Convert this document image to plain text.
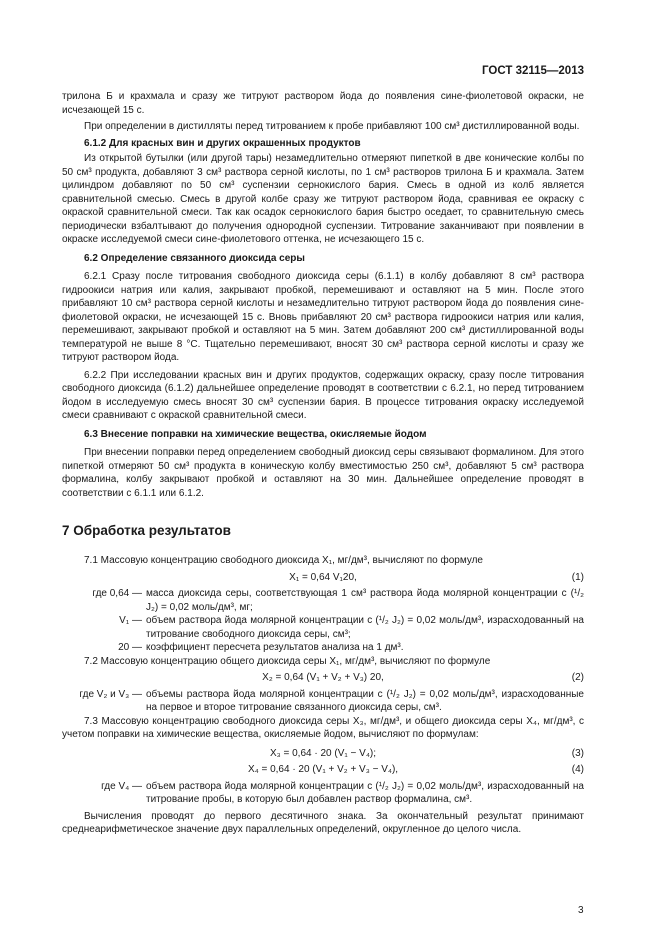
ГОСТ 32115—2013

трилона Б и крахмала и сразу же титруют раствором йода до появления сине-фиолетовой окраски, не исчезающей 15 с.

При определении в дистилляты перед титрованием к пробе прибавляют 100 см³ дистиллированной воды.

6.1.2 Для красных вин и других окрашенных продуктов

Из открытой бутылки (или другой тары) незамедлительно отмеряют пипеткой в две конические колбы по 50 см³ продукта, добавляют 3 см³ раствора серной кислоты, по 1 см³ растворов трилона Б и крахмала. Затем цилиндром добавляют по 50 см³ суспензии сернокислого бария. Смесь в одной из колб является сравнительной смесью. Смесь в другой колбе сразу же титруют раствором йода, сравнивая ее окраску с окраской сравнительной смеси. Так как осадок сернокислого бария быстро оседает, то сравнительную смесь периодически взбалтывают до получения однородной суспензии. Титрование заканчивают при появлении в окраске исследуемой смеси сине-фиолетового оттенка, не исчезающего 15 с.

6.2 Определение связанного диоксида серы

6.2.1 Сразу после титрования свободного диоксида серы (6.1.1) в колбу добавляют 8 см³ раствора гидроокиси натрия или калия, закрывают пробкой, перемешивают и оставляют на 5 мин. После этого прибавляют 10 см³ раствора серной кислоты и незамедлительно титруют раствором йода до появления сине-фиолетовой окраски, не исчезающей 15 с. Вновь прибавляют 20 см³ раствора гидроокиси натрия или калия, перемешивают, закрывают пробкой и оставляют на 5 мин. Затем добавляют 200 см³ дистиллированной воды температурой не выше 8 °С. Тщательно перемешивают, вносят 30 см³ раствора серной кислоты и сразу же титруют раствором йода.

6.2.2 При исследовании красных вин и других продуктов, содержащих окраску, сразу после титрования свободного диоксида (6.1.2) дальнейшее определение проводят в соответствии с 6.2.1, но перед титрованием йодом в исследуемую смесь вносят 30 см³ суспензии бария. В процессе титрования окраску исследуемой смеси сравнивают с окраской сравнительной смеси.

6.3 Внесение поправки на химические вещества, окисляемые йодом

При внесении поправки перед определением свободный диоксид серы связывают формалином. Для этого пипеткой отмеряют 50 см³ продукта в коническую колбу вместимостью 250 см³, добавляют 5 см³ раствора формалина, колбу закрывают пробкой и оставляют на 30 мин. Дальнейшее определение проводят в соответствии с 6.1.1 или 6.1.2.

7 Обработка результатов

7.1 Массовую концентрацию свободного диоксида X₁, мг/дм³, вычисляют по формуле

X₁ = 0,64 V₁20,	(1)
где 0,64 — масса диоксида серы, соответствующая 1 см³ раствора йода молярной концентрации c (¹/₂ J₂) = 0,02 моль/дм³, мг;
V₁ — объем раствора йода молярной концентрации c (¹/₂ J₂) = 0,02 моль/дм³, израсходованный на титрование свободного диоксида серы, см³;
20 — коэффициент пересчета результатов анализа на 1 дм³.

7.2 Массовую концентрацию общего диоксида серы X₁, мг/дм³, вычисляют по формуле

X₂ = 0,64 (V₁ + V₂ + V₃) 20,	(2)
где V₂ и V₃ — объемы раствора йода молярной концентрации c (¹/₂ J₂) = 0,02 моль/дм³, израсходованные на первое и второе титрование связанного диоксида серы, см³.

7.3 Массовую концентрацию свободного диоксида серы X₃, мг/дм³, и общего диоксида серы X₄, мг/дм³, с учетом поправки на химические вещества, окисляемые йодом, вычисляют по формулам:

X₃ = 0,64 · 20 (V₁ − V₄);	(3)
X₄ = 0,64 · 20 (V₁ + V₂ + V₃ − V₄),	(4)
где V₄ — объем раствора йода молярной концентрации c (¹/₂ J₂) = 0,02 моль/дм³, израсходованный на титрование пробы, в которую был добавлен раствор формалина, см³.

Вычисления проводят до первого десятичного знака. За окончательный результат принимают среднеарифметическое значение двух параллельных определений, округленное до целого числа.

3
